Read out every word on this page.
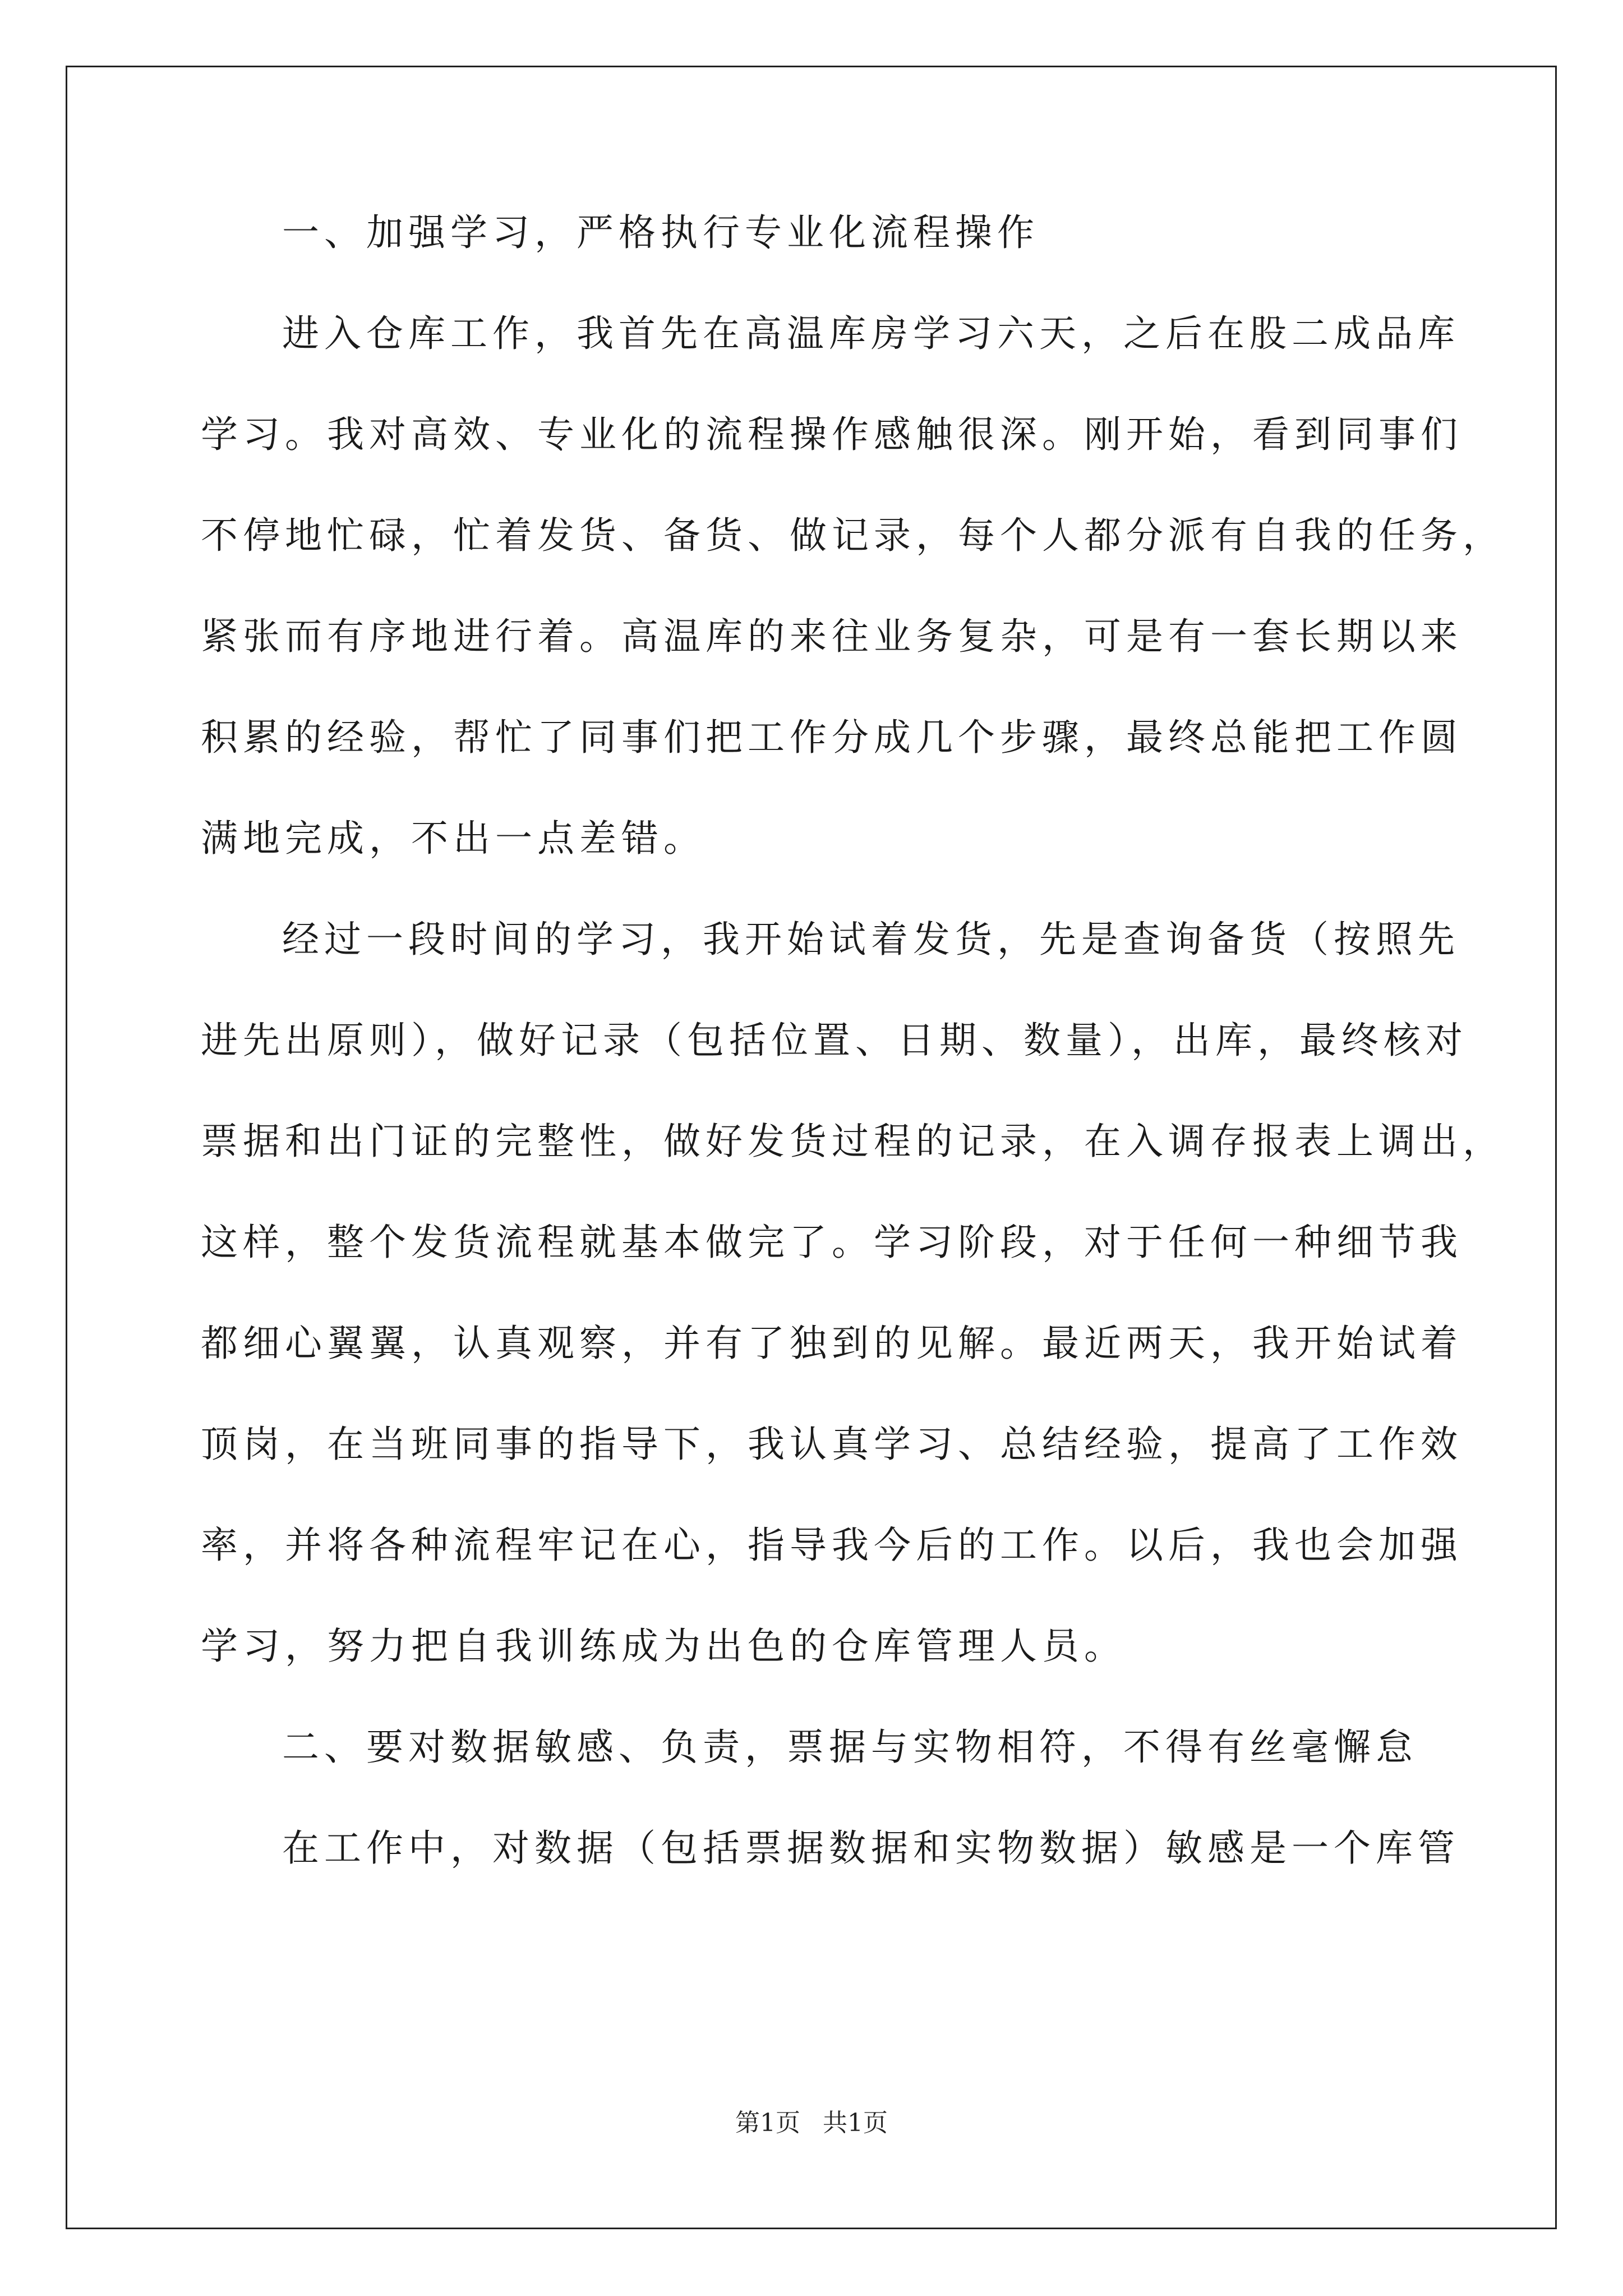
一、加强学习，严格执行专业化流程操作
进入仓库工作，我首先在高温库房学习六天，之后在股二成品库
学习。我对高效、专业化的流程操作感触很深。刚开始，看到同事们
不停地忙碌，忙着发货、备货、做记录，每个人都分派有自我的任务，
紧张而有序地进行着。高温库的来往业务复杂，可是有一套长期以来
积累的经验，帮忙了同事们把工作分成几个步骤，最终总能把工作圆
满地完成，不出一点差错。
经过一段时间的学习，我开始试着发货，先是查询备货（按照先
进先出原则），做好记录（包括位置、日期、数量），出库，最终核对
票据和出门证的完整性，做好发货过程的记录，在入调存报表上调出，
这样，整个发货流程就基本做完了。学习阶段，对于任何一种细节我
都细心翼翼，认真观察，并有了独到的见解。最近两天，我开始试着
顶岗，在当班同事的指导下，我认真学习、总结经验，提高了工作效
率，并将各种流程牢记在心，指导我今后的工作。以后，我也会加强
学习，努力把自我训练成为出色的仓库管理人员。
二、要对数据敏感、负责，票据与实物相符，不得有丝毫懈怠
在工作中，对数据（包括票据数据和实物数据）敏感是一个库管
第1页 共1页
